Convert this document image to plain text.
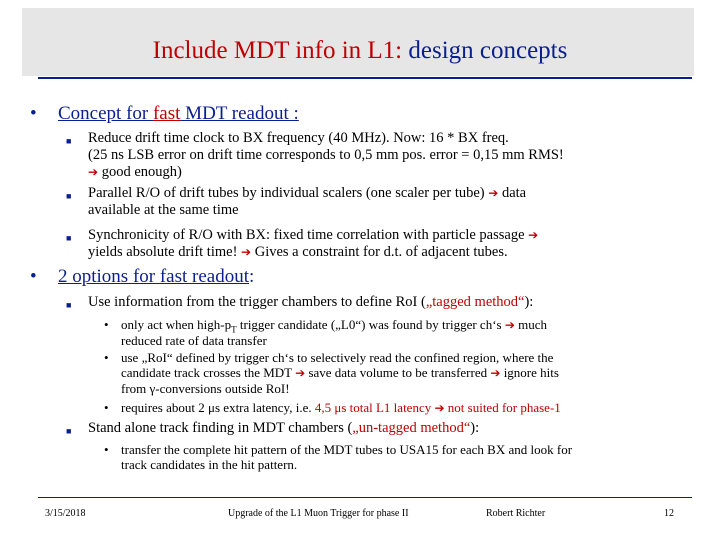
Include MDT info in L1: design concepts
• Concept for fast MDT readout :
■ Reduce drift time clock to BX frequency (40 MHz). Now: 16 * BX freq.
(25 ns LSB error on drift time corresponds to 0,5 mm pos. error = 0,15 mm RMS!
➔ good enough)
■ Parallel R/O of drift tubes by individual scalers (one scaler per tube) ➔ data
available at the same time
■ Synchronicity of R/O with BX: fixed time correlation with particle passage ➔
yields absolute drift time! ➔ Gives a constraint for d.t. of adjacent tubes.
• 2 options for fast readout:
■ Use information from the trigger chambers to define RoI („tagged method“):
• only act when high-$p_T$ trigger candidate („L0“) was found by trigger ch‘s ➔ much
reduced rate of data transfer
• use „RoI“ defined by trigger ch‘s to selectively read the confined region, where the
candidate track crosses the MDT ➔ save data volume to be transferred ➔ ignore hits
from γ-conversions outside RoI!
• requires about 2 μs extra latency, i.e. 4,5 μs total L1 latency ➔ not suited for phase-1
■ Stand alone track finding in MDT chambers („un-tagged method“):
• transfer the complete hit pattern of the MDT tubes to USA15 for each BX and look for
track candidates in the hit pattern.
3/15/2018	Upgrade of the L1 Muon Trigger for phase II	Robert Richter	12
